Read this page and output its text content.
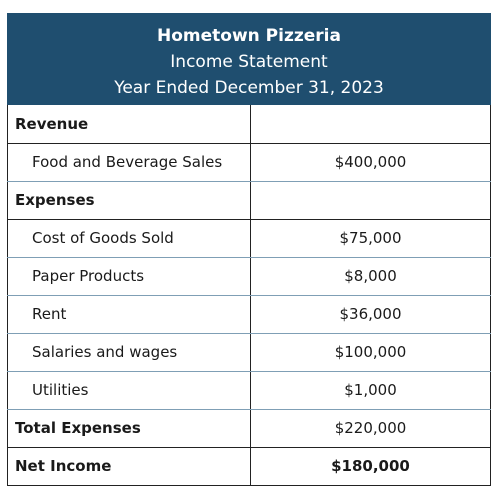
Hometown Pizzeria
Income Statement
Year Ended December 31, 2023
Revenue	
Food and Beverage Sales	$400,000
Expenses	
Cost of Goods Sold	$75,000
Paper Products	$8,000
Rent	$36,000
Salaries and wages	$100,000
Utilities	$1,000
Total Expenses	$220,000
Net Income	$180,000
